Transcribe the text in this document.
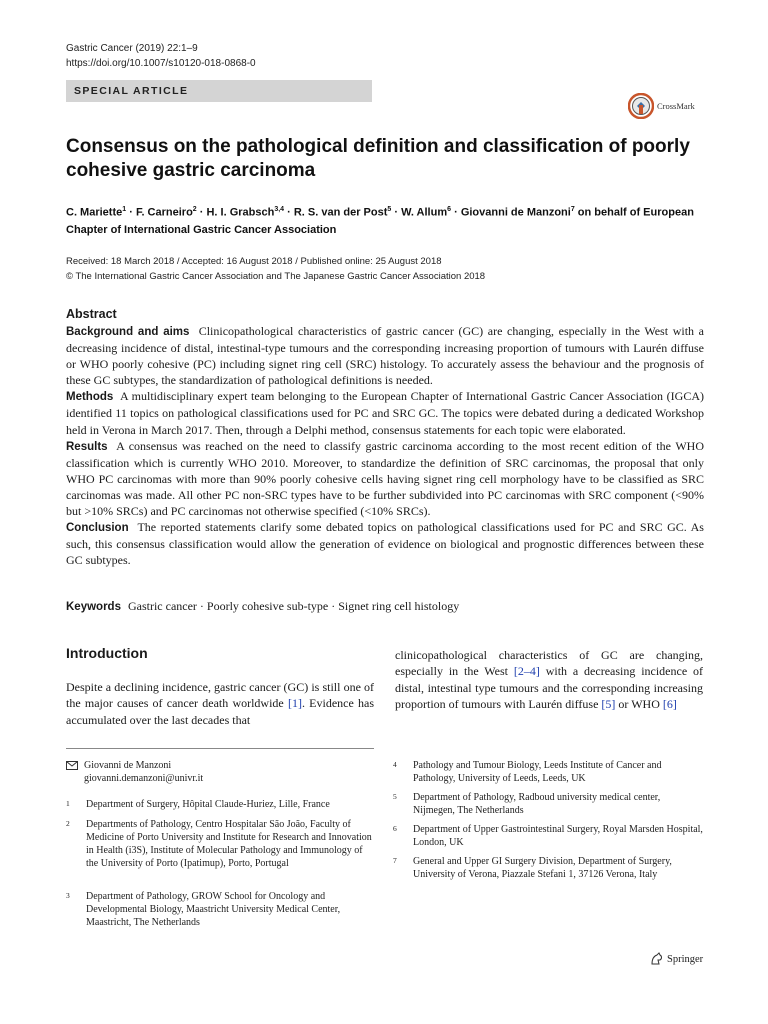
Gastric Cancer (2019) 22:1–9
https://doi.org/10.1007/s10120-018-0868-0
SPECIAL ARTICLE
CrossMark
Consensus on the pathological definition and classification of poorly cohesive gastric carcinoma
C. Mariette$^1$ · F. Carneiro$^2$ · H. I. Grabsch$^{3,4}$ · R. S. van der Post$^5$ · W. Allum$^6$ · Giovanni de Manzoni$^7$ on behalf of European Chapter of International Gastric Cancer Association
Received: 18 March 2018 / Accepted: 16 August 2018 / Published online: 25 August 2018
© The International Gastric Cancer Association and The Japanese Gastric Cancer Association 2018
Abstract

Background and aims Clinicopathological characteristics of gastric cancer (GC) are changing, especially in the West with a decreasing incidence of distal, intestinal-type tumours and the corresponding increasing proportion of tumours with Laurén diffuse or WHO poorly cohesive (PC) including signet ring cell (SRC) histology. To accurately assess the behaviour and the prognosis of these GC subtypes, the standardization of pathological definitions is needed.

Methods A multidisciplinary expert team belonging to the European Chapter of International Gastric Cancer Association (IGCA) identified 11 topics on pathological classifications used for PC and SRC GC. The topics were debated during a dedicated Workshop held in Verona in March 2017. Then, through a Delphi method, consensus statements for each topic were elaborated.

Results A consensus was reached on the need to classify gastric carcinoma according to the most recent edition of the WHO classification which is currently WHO 2010. Moreover, to standardize the definition of SRC carcinomas, the proposal that only WHO PC carcinomas with more than 90% poorly cohesive cells having signet ring cell morphology have to be classified as SRC carcinomas was made. All other PC non-SRC types have to be further subdivided into PC carcinomas with SRC component (<90% but >10% SRCs) and PC carcinomas not otherwise specified (<10% SRCs).

Conclusion The reported statements clarify some debated topics on pathological classifications used for PC and SRC GC. As such, this consensus classification would allow the generation of evidence on biological and prognostic differences between these GC subtypes.

Keywords Gastric cancer · Poorly cohesive sub-type · Signet ring cell histology
Introduction

Despite a declining incidence, gastric cancer (GC) is still one of the major causes of cancer death worldwide [1]. Evidence has accumulated over the last decades that

clinicopathological characteristics of GC are changing, especially in the West [2–4] with a decreasing incidence of distal, intestinal type tumours and the corresponding increasing proportion of tumours with Laurén diffuse [5] or WHO [6]

Giovanni de Manzoni
giovanni.demanzoni@univr.it
1 Department of Surgery, Hôpital Claude-Huriez, Lille, France
2 Departments of Pathology, Centro Hospitalar São João, Faculty of Medicine of Porto University and Institute for Research and Innovation in Health (i3S), Institute of Molecular Pathology and Immunology of the University of Porto (Ipatimup), Porto, Portugal
3 Department of Pathology, GROW School for Oncology and Developmental Biology, Maastricht University Medical Center, Maastricht, The Netherlands
4 Pathology and Tumour Biology, Leeds Institute of Cancer and Pathology, University of Leeds, Leeds, UK
5 Department of Pathology, Radboud university medical center, Nijmegen, The Netherlands
6 Department of Upper Gastrointestinal Surgery, Royal Marsden Hospital, London, UK
7 General and Upper GI Surgery Division, Department of Surgery, University of Verona, Piazzale Stefani 1, 37126 Verona, Italy
Springer
